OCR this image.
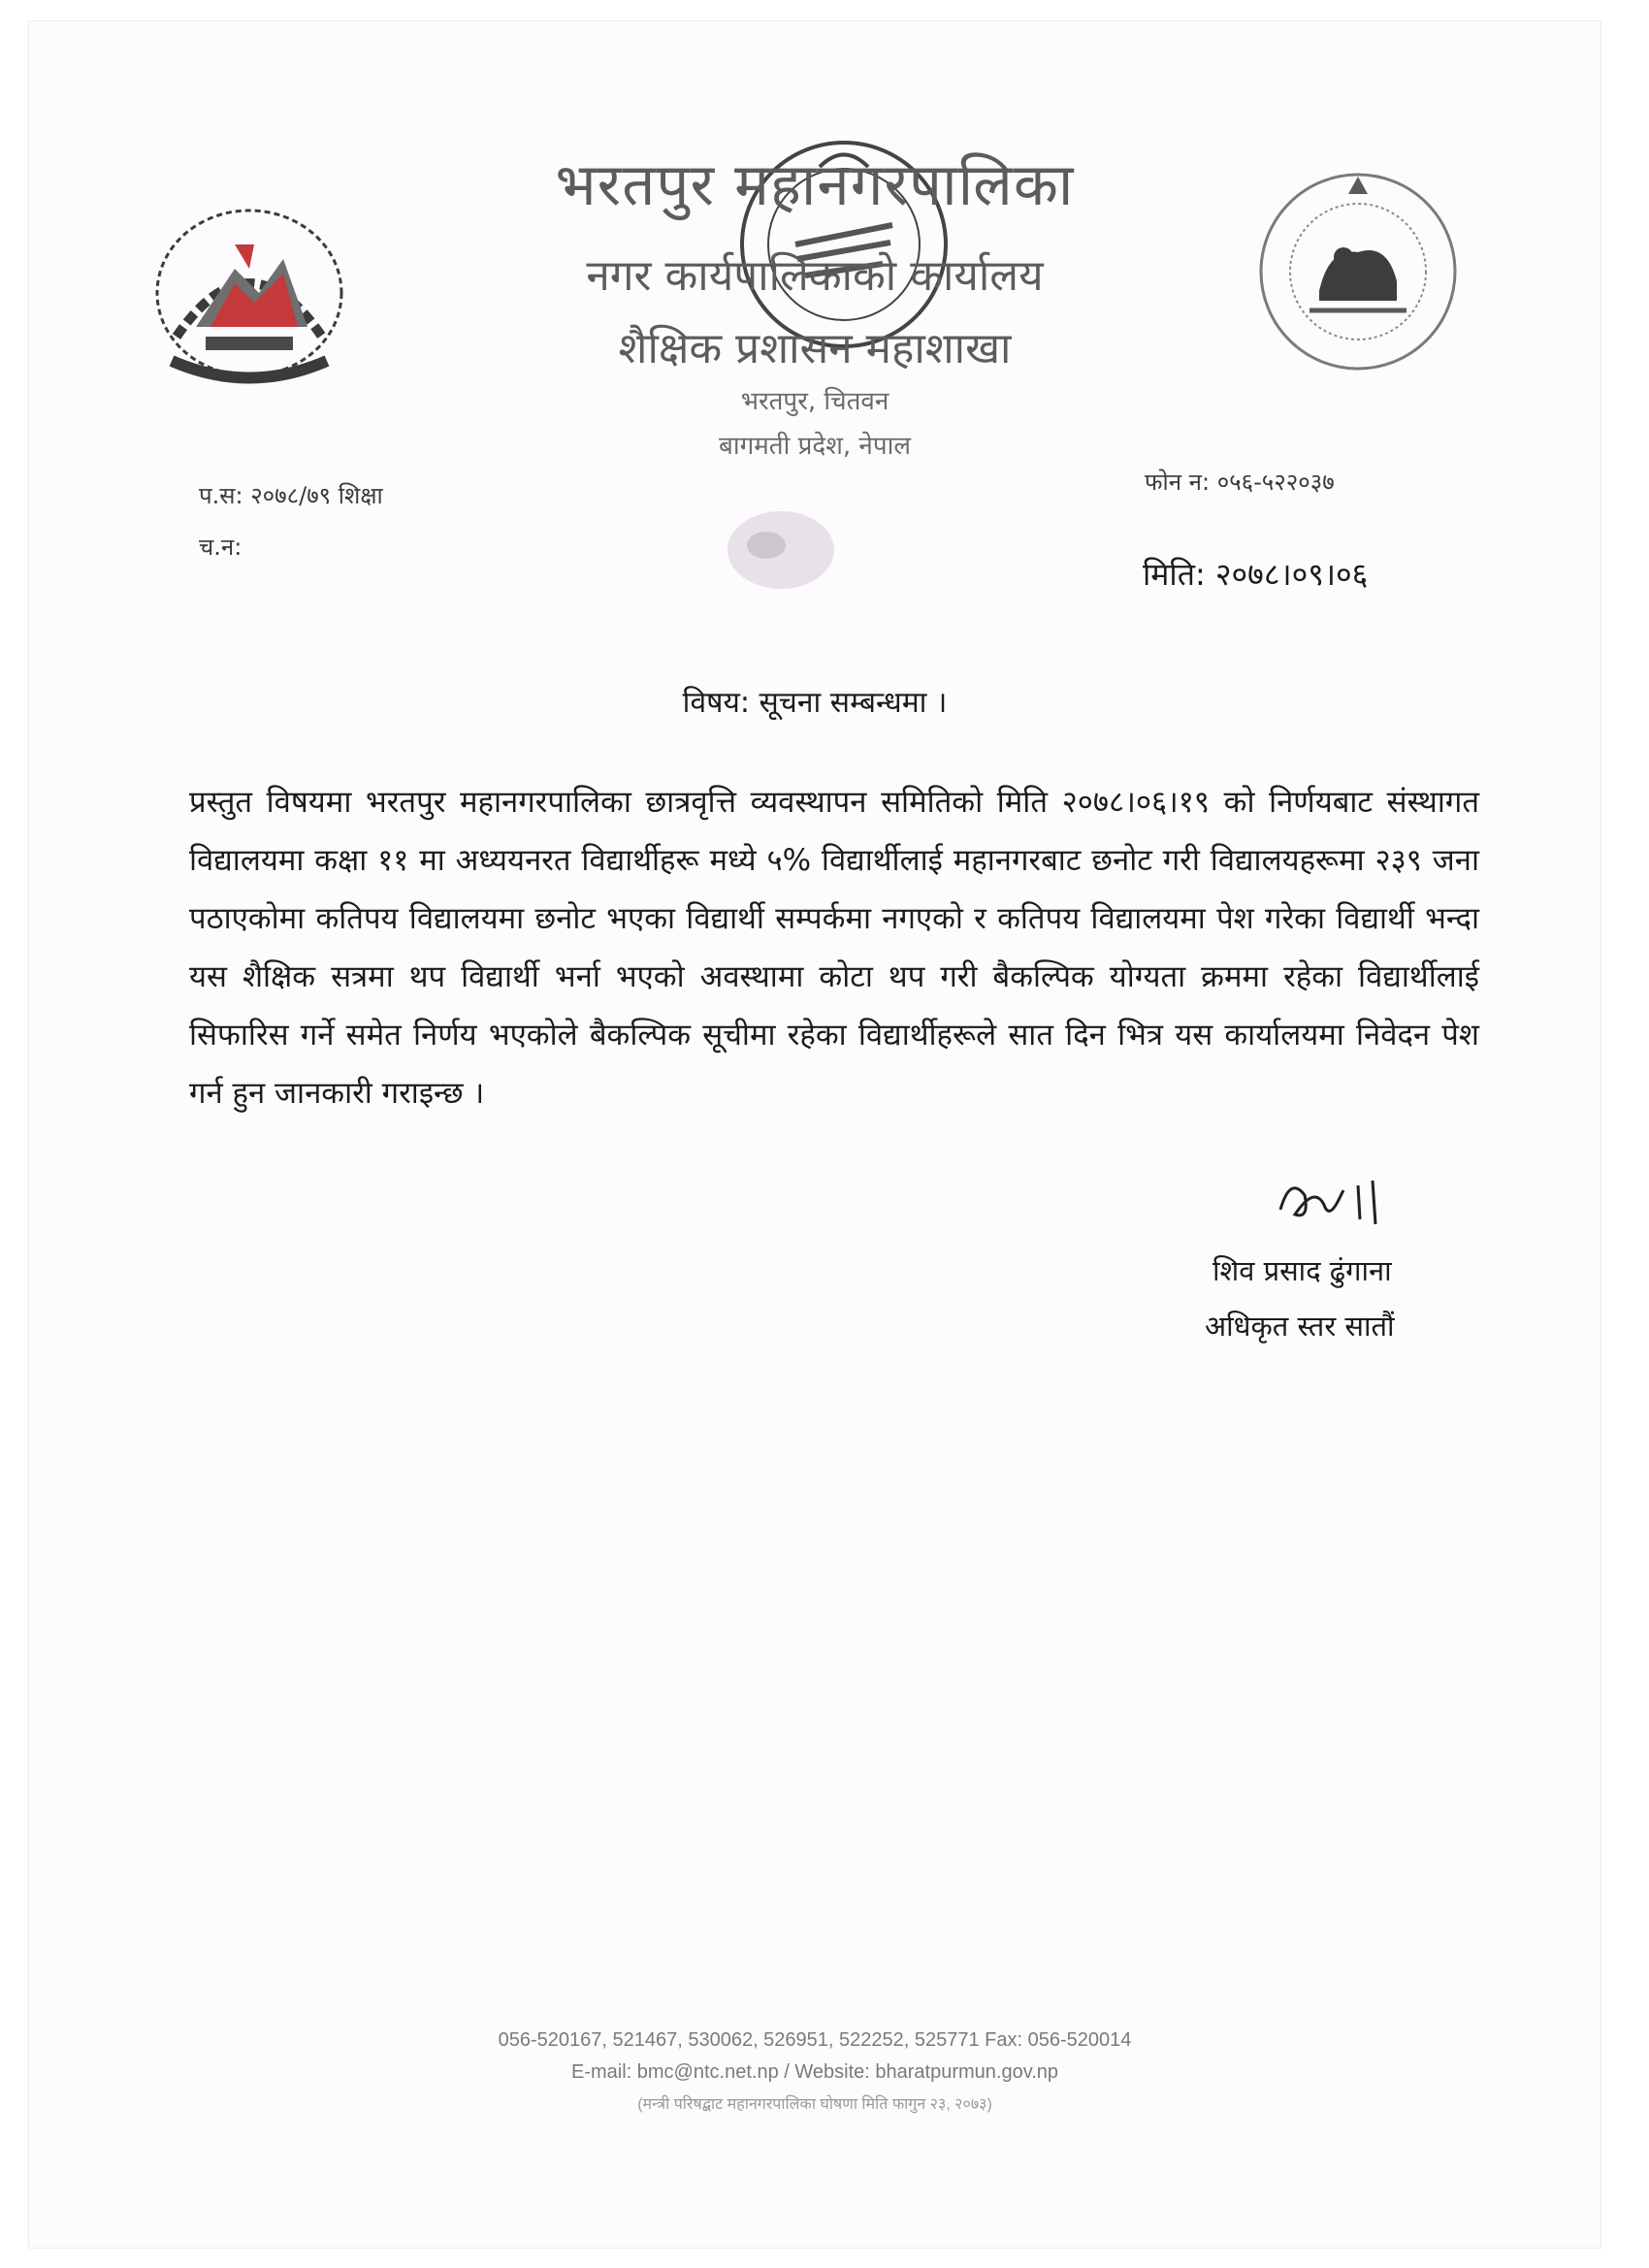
भरतपुर महानगरपालिका
नगर कार्यपालिकाको कार्यालय
शैक्षिक प्रशासन महाशाखा
भरतपुर, चितवन
बागमती प्रदेश, नेपाल
प.स: २०७८/७९ शिक्षा
च.न:
फोन न: ०५६-५२२०३७
मिति: २०७८।०९।०६
विषय: सूचना सम्बन्धमा ।
प्रस्तुत विषयमा भरतपुर महानगरपालिका छात्रवृत्ति व्यवस्थापन समितिको मिति २०७८।०६।१९ को निर्णयबाट संस्थागत विद्यालयमा कक्षा ११ मा अध्ययनरत विद्यार्थीहरू मध्ये ५% विद्यार्थीलाई महानगरबाट छनोट गरी विद्यालयहरूमा २३९ जना पठाएकोमा कतिपय विद्यालयमा छनोट भएका विद्यार्थी सम्पर्कमा नगएको र कतिपय विद्यालयमा पेश गरेका विद्यार्थी भन्दा यस शैक्षिक सत्रमा थप विद्यार्थी भर्ना भएको अवस्थामा कोटा थप गरी बैकल्पिक योग्यता क्रममा रहेका विद्यार्थीलाई सिफारिस गर्ने समेत निर्णय भएकोले बैकल्पिक सूचीमा रहेका विद्यार्थीहरूले सात दिन भित्र यस कार्यालयमा निवेदन पेश गर्न हुन जानकारी गराइन्छ ।
शिव प्रसाद ढुंगाना
अधिकृत स्तर सातौं
056-520167, 521467, 530062, 526951, 522252, 525771 Fax: 056-520014
E-mail: bmc@ntc.net.np / Website: bharatpurmun.gov.np
(मन्त्री परिषद्बाट महानगरपालिका घोषणा मिति फागुन २३, २०७३)
